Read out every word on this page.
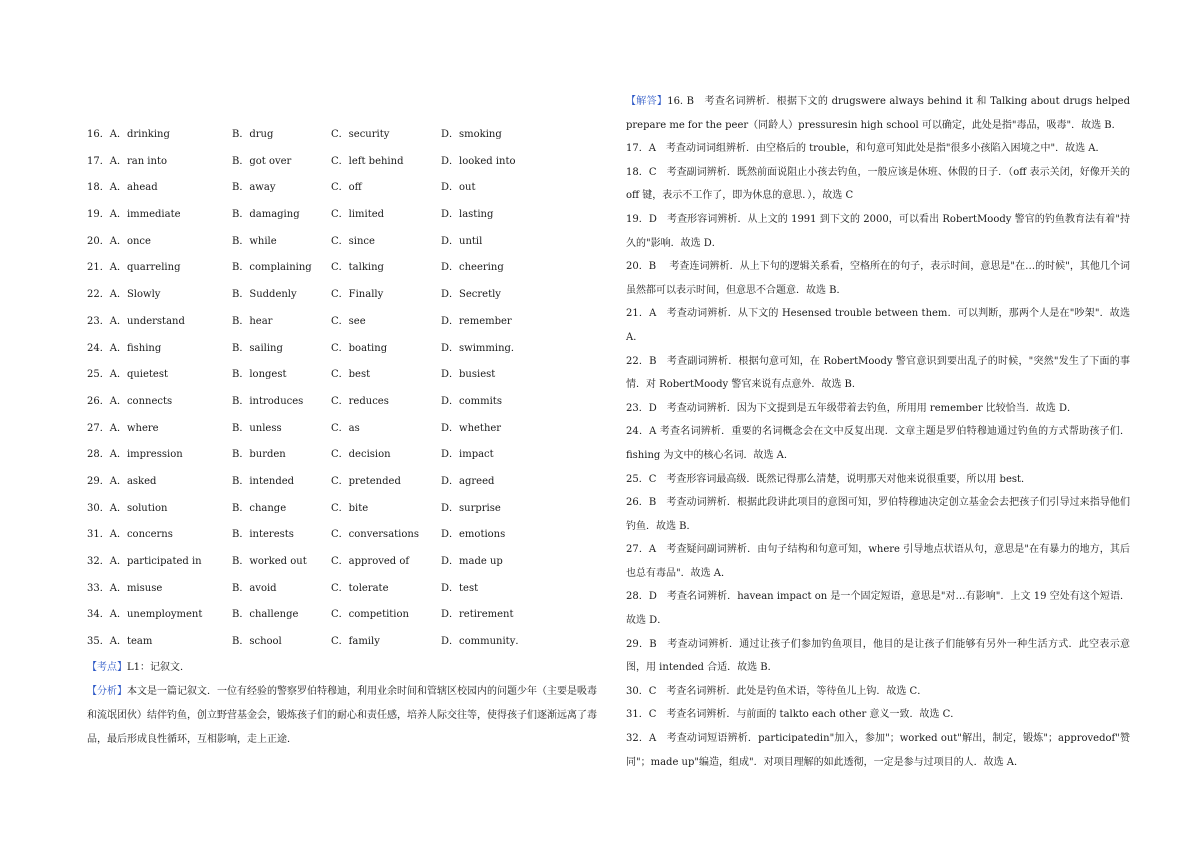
16．A．drinking	B．drug	C．security	D．smoking
17．A．ran into	B．got over	C．left behind	D．looked into
18．A．ahead	B．away	C．off	D．out
19．A．immediate	B．damaging	C．limited	D．lasting
20．A．once	B．while	C．since	D．until
21．A．quarreling	B．complaining C．talking	D．cheering
22．A．Slowly	B．Suddenly	C．Finally	D．Secretly
23．A．understand	B．hear	C．see	D．remember
24．A．fishing	B．sailing	C．boating	D．swimming．
25．A．quietest	B．longest	C．best	D．busiest
26．A．connects	B．introduces	C．reduces	D．commits
27．A．where	B．unless	C．as	D．whether
28．A．impression	B．burden	C．decision	D．impact
29．A．asked	B．intended	C．pretended	D．agreed
30．A．solution	B．change	C．bite	D．surprise
31．A．concerns	B．interests	C．conversations D．emotions
32．A．participated in	B．worked out C．approved of	D．made up
33．A．misuse	B．avoid	C．tolerate	D．test
34．A．unemployment	B．challenge	C．competition	D．retirement
35．A．team	B．school	C．family	D．community．
【考点】L1：记叙文．
【分析】本文是一篇记叙文．一位有经验的警察罗伯特穆迪，利用业余时间和管辖区校园内的问题少年（主要是吸毒和流氓团伙）结伴钓鱼，创立野营基金会，锻炼孩子们的耐心和责任感，培养人际交往等，使得孩子们逐渐远离了毒品，最后形成良性循环，互相影响，走上正途．

【解答】16. B　考查名词辨析．根据下文的 drugswere always behind it 和 Talking about drugs helped prepare me for the peer（同龄人）pressuresin high school 可以确定，此处是指"毒品，吸毒"．故选 B．

17．A　考查动词词组辨析．由空格后的 trouble，和句意可知此处是指"很多小孩陷入困境之中"．故选 A．

18．C　考查副词辨析．既然前面说阻止小孩去钓鱼，一般应该是休班、休假的日子．（off 表示关闭，好像开关的 off 键，表示不工作了，即为休息的意思．），故选 C

19．D　考查形容词辨析．从上文的 1991 到下文的 2000，可以看出 RobertMoody 警官的钓鱼教育法有着"持久的"影响．故选 D．

20．B　 考查连词辨析．从上下句的逻辑关系看，空格所在的句子，表示时间，意思是"在…的时候"，其他几个词虽然都可以表示时间，但意思不合题意．故选 B．

21．A　考查动词辨析．从下文的 Hesensed trouble between them．可以判断，那两个人是在"吵架"．故选 A．

22．B　考查副词辨析．根据句意可知，在 RobertMoody 警官意识到要出乱子的时候，"突然"发生了下面的事情．对 RobertMoody 警官来说有点意外．故选 B．

23．D　考查动词辨析．因为下文提到是五年级带着去钓鱼，所用用 remember 比较恰当．故选 D．

24．A 考查名词辨析．重要的名词概念会在文中反复出现．文章主题是罗伯特穆迪通过钓鱼的方式帮助孩子们．fishing 为文中的核心名词．故选 A．

25．C　考查形容词最高级．既然记得那么清楚，说明那天对他来说很重要，所以用 best．

26．B　考查动词辨析．根据此段讲此项目的意图可知，罗伯特穆迪决定创立基金会去把孩子们引导过来指导他们钓鱼．故选 B．

27．A　考查疑问副词辨析．由句子结构和句意可知，where 引导地点状语从句，意思是"在有暴力的地方，其后也总有毒品"．故选 A．

28．D　考查名词辨析．havean impact on 是一个固定短语，意思是"对…有影响"．上文 19 空处有这个短语．故选 D．

29．B　考查动词辨析．通过让孩子们参加钓鱼项目，他目的是让孩子们能够有另外一种生活方式．此空表示意图，用 intended 合适．故选 B．

30．C　考查名词辨析．此处是钓鱼术语，等待鱼儿上钩．故选 C．

31．C　考查名词辨析．与前面的 talkto each other 意义一致．故选 C．

32．A　考查动词短语辨析．participatedin"加入，参加"；worked out"解出，制定，锻炼"；approvedof"赞同"；made up"编造，组成"．对项目理解的如此透彻，一定是参与过项目的人．故选 A．
